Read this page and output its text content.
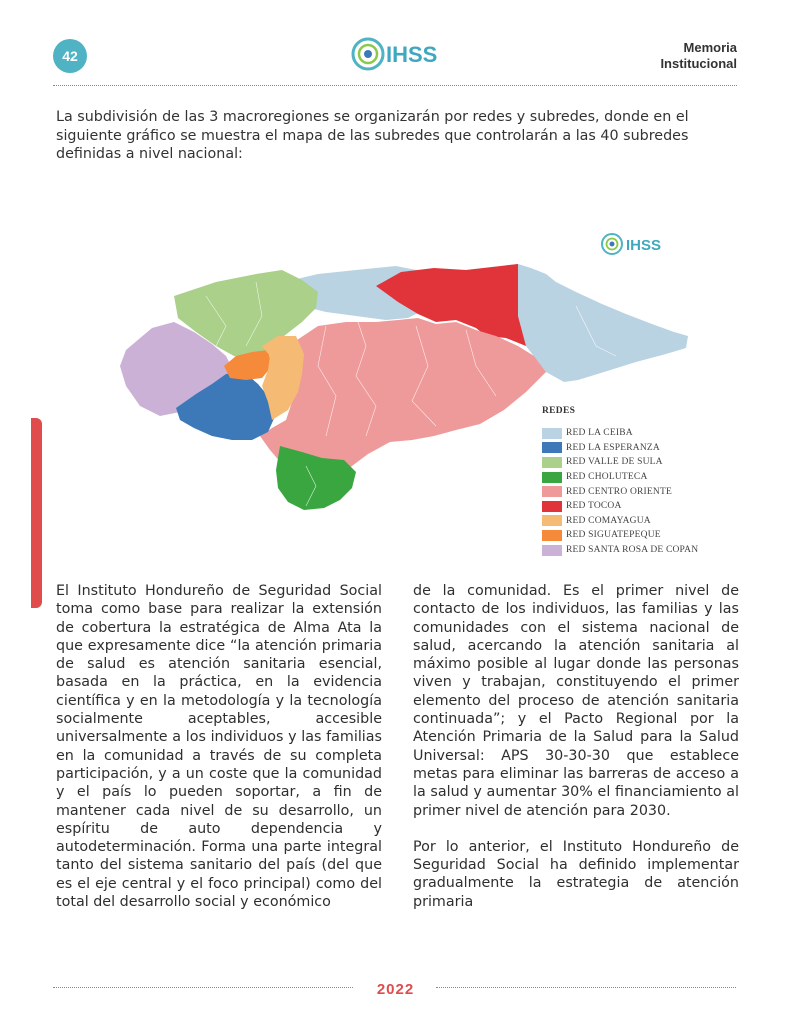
42	IHSS	Memoria
Institucional
La subdivisión de las 3 macroregiones se organizarán por redes y subredes, donde en el siguiente gráfico se muestra el mapa de las subredes que controlarán a las 40 subredes definidas a nivel nacional:
IHSS
REDES
RED LA CEIBA
RED LA ESPERANZA
RED VALLE DE SULA
RED CHOLUTECA
RED CENTRO ORIENTE
RED TOCOA
RED COMAYAGUA
RED SIGUATEPEQUE
RED SANTA ROSA DE COPAN

El Instituto Hondureño de Seguridad Social toma como base para realizar la extensión de cobertura la estratégica de Alma Ata la que expresamente dice “la atención primaria de salud es atención sanitaria esencial, basada en la práctica, en la evidencia científica y en la metodología y la tecnología socialmente aceptables, accesible universalmente a los individuos y las familias en la comunidad a través de su completa participación, y a un coste que la comunidad y el país lo pueden soportar, a fin de mantener cada nivel de su desarrollo, un espíritu de auto dependencia y autodeterminación. Forma una parte integral tanto del sistema sanitario del país (del que es el eje central y el foco principal) como del total del desarrollo social y económico

de la comunidad. Es el primer nivel de contacto de los individuos, las familias y las comunidades con el sistema nacional de salud, acercando la atención sanitaria al máximo posible al lugar donde las personas viven y trabajan, constituyendo el primer elemento del proceso de atención sanitaria continuada”; y el Pacto Regional por la Atención Primaria de la Salud para la Salud Universal: APS 30-30-30 que establece metas para eliminar las barreras de acceso a la salud y aumentar 30% el financiamiento al primer nivel de atención para 2030.

Por lo anterior, el Instituto Hondureño de Seguridad Social ha definido implementar gradualmente la estrategia de atención primaria

2022
